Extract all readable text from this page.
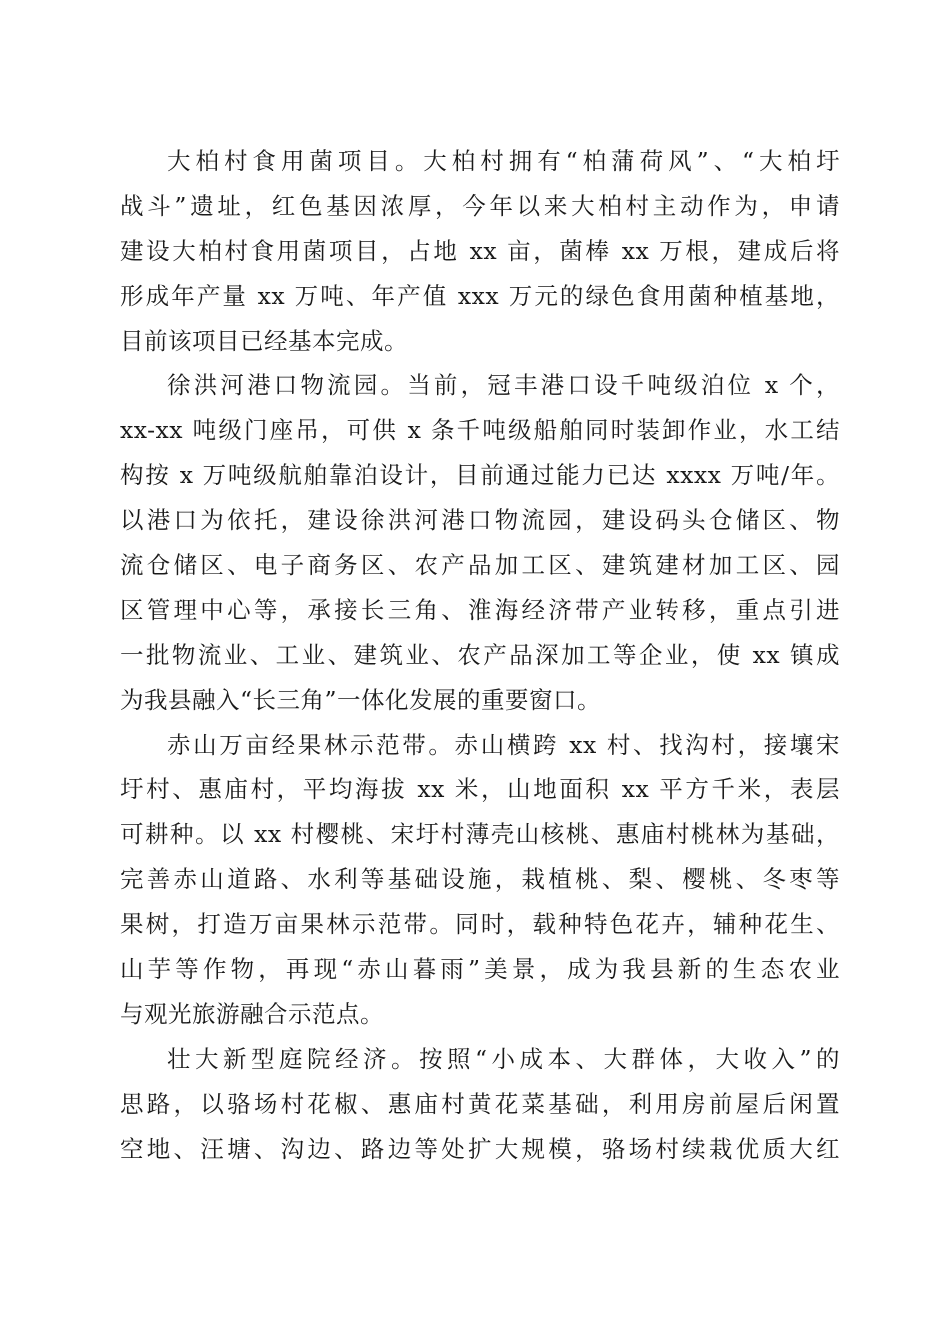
大柏村食用菌项目。大柏村拥有“柏蒲荷风”、“大柏圩
战斗”遗址，红色基因浓厚，今年以来大柏村主动作为，申请
建设大柏村食用菌项目，占地 xx 亩，菌棒 xx 万根，建成后将
形成年产量 xx 万吨、年产值 xxx 万元的绿色食用菌种植基地，
目前该项目已经基本完成。
徐洪河港口物流园。当前，冠丰港口设千吨级泊位 x 个，
xx-xx 吨级门座吊，可供 x 条千吨级船舶同时装卸作业，水工结
构按 x 万吨级航舶靠泊设计，目前通过能力已达 xxxx 万吨/年。
以港口为依托，建设徐洪河港口物流园，建设码头仓储区、物
流仓储区、电子商务区、农产品加工区、建筑建材加工区、园
区管理中心等，承接长三角、淮海经济带产业转移，重点引进
一批物流业、工业、建筑业、农产品深加工等企业，使 xx 镇成
为我县融入“长三角”一体化发展的重要窗口。
赤山万亩经果林示范带。赤山横跨 xx 村、找沟村，接壤宋
圩村、惠庙村，平均海拔 xx 米，山地面积 xx 平方千米，表层
可耕种。以 xx 村樱桃、宋圩村薄壳山核桃、惠庙村桃林为基础，
完善赤山道路、水利等基础设施，栽植桃、梨、樱桃、冬枣等
果树，打造万亩果林示范带。同时，载种特色花卉，辅种花生、
山芋等作物，再现“赤山暮雨”美景，成为我县新的生态农业
与观光旅游融合示范点。
壮大新型庭院经济。按照“小成本、大群体，大收入”的
思路，以骆场村花椒、惠庙村黄花菜基础，利用房前屋后闲置
空地、汪塘、沟边、路边等处扩大规模，骆场村续栽优质大红
